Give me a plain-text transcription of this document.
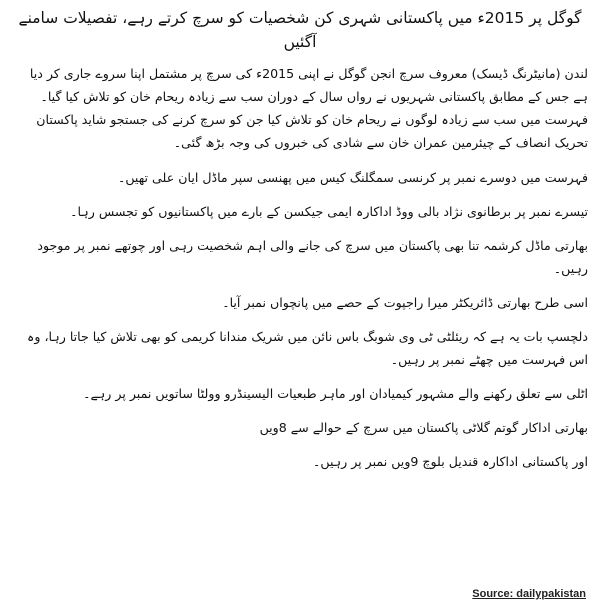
گوگل پر 2015ء میں پاکستانی شہری کن شخصیات کو سرچ کرتے رہے، تفصیلات سامنے آگئیں

لندن (مانیٹرنگ ڈیسک) معروف سرچ انجن گوگل نے اپنی 2015ء کی سرچ پر مشتمل اپنا سروے جاری کر دیا ہے جس کے مطابق پاکستانی شہریوں نے رواں سال کے دوران سب سے زیادہ ریحام خان کو تلاش کیا گیا۔ فہرست میں سب سے زیادہ لوگوں نے ریحام خان کو تلاش کیا جن کو سرچ کرنے کی جستجو شاید پاکستان تحریک انصاف کے چیئرمین عمران خان سے شادی کی خبروں کی وجہ بڑھ گئی۔

فہرست میں دوسرے نمبر پر کرنسی سمگلنگ کیس میں پھنسی سپر ماڈل ایان علی تھیں۔

تیسرے نمبر پر برطانوی نژاد بالی ووڈ اداکارہ ایمی جیکسن کے بارے میں پاکستانیوں کو تجسس رہا۔

بھارتی ماڈل کرشمہ تنا بھی پاکستان میں سرچ کی جانے والی اہم شخصیت رہی اور چوتھے نمبر پر موجود رہیں۔

اسی طرح بھارتی ڈائریکٹر میرا راجپوت کے حصے میں پانچواں نمبر آیا۔

دلچسپ بات یہ ہے کہ ریئلٹی ٹی وی شوبگ باس نائن میں شریک مندانا کریمی کو بھی تلاش کیا جاتا رہا، وہ اس فہرست میں چھٹے نمبر پر رہیں۔

اٹلی سے تعلق رکھنے والے مشہور کیمیادان اور ماہر طبعیات الیسینڈرو وولٹا ساتویں نمبر پر رہے۔

بھارتی اداکار گوتم گلاٹی پاکستان میں سرچ کے حوالے سے 8ویں

اور پاکستانی اداکارہ قندیل بلوچ 9ویں نمبر پر رہیں۔

Source: dailypakistan
